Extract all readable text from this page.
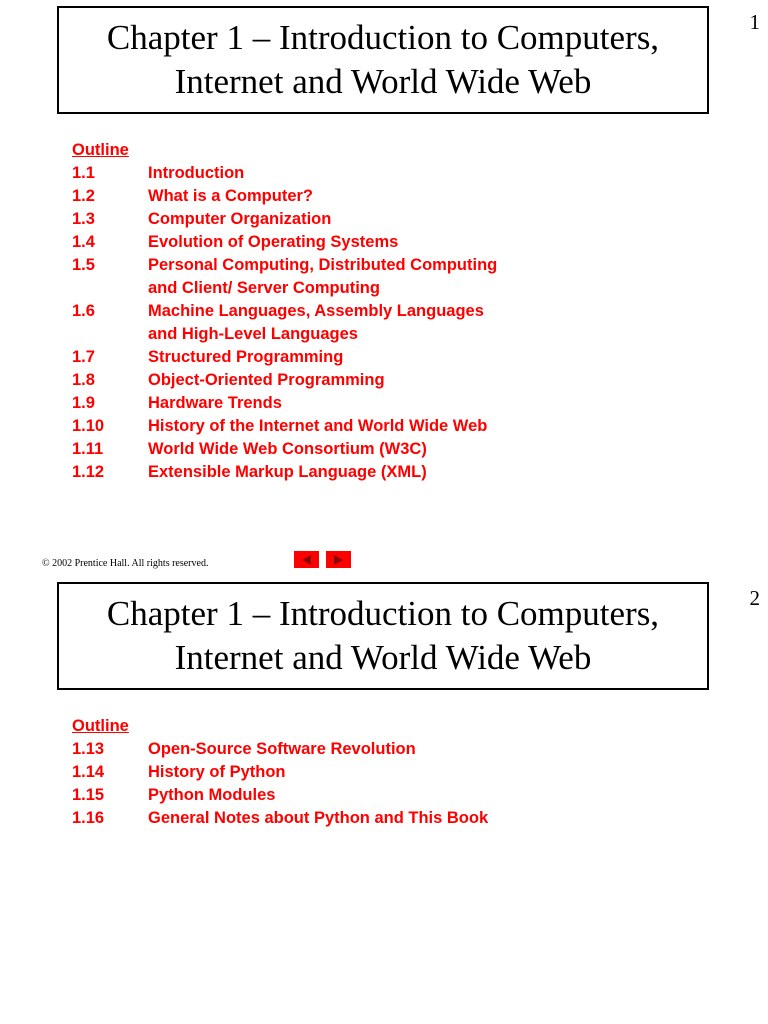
1
Chapter 1 – Introduction to Computers,
Internet and World Wide Web
Outline
1.1	Introduction
1.2	What is a Computer?
1.3	Computer Organization
1.4	Evolution of Operating Systems
1.5	Personal Computing, Distributed Computing
and Client/ Server Computing
1.6	Machine Languages, Assembly Languages
and High-Level Languages
1.7	Structured Programming
1.8	Object-Oriented Programming
1.9	Hardware Trends
1.10	History of the Internet and World Wide Web
1.11	World Wide Web Consortium (W3C)
1.12	Extensible Markup Language (XML)
© 2002 Prentice Hall. All rights reserved.
2
Chapter 1 – Introduction to Computers,
Internet and World Wide Web
Outline
1.13	Open-Source Software Revolution
1.14	History of Python
1.15	Python Modules
1.16	General Notes about Python and This Book
